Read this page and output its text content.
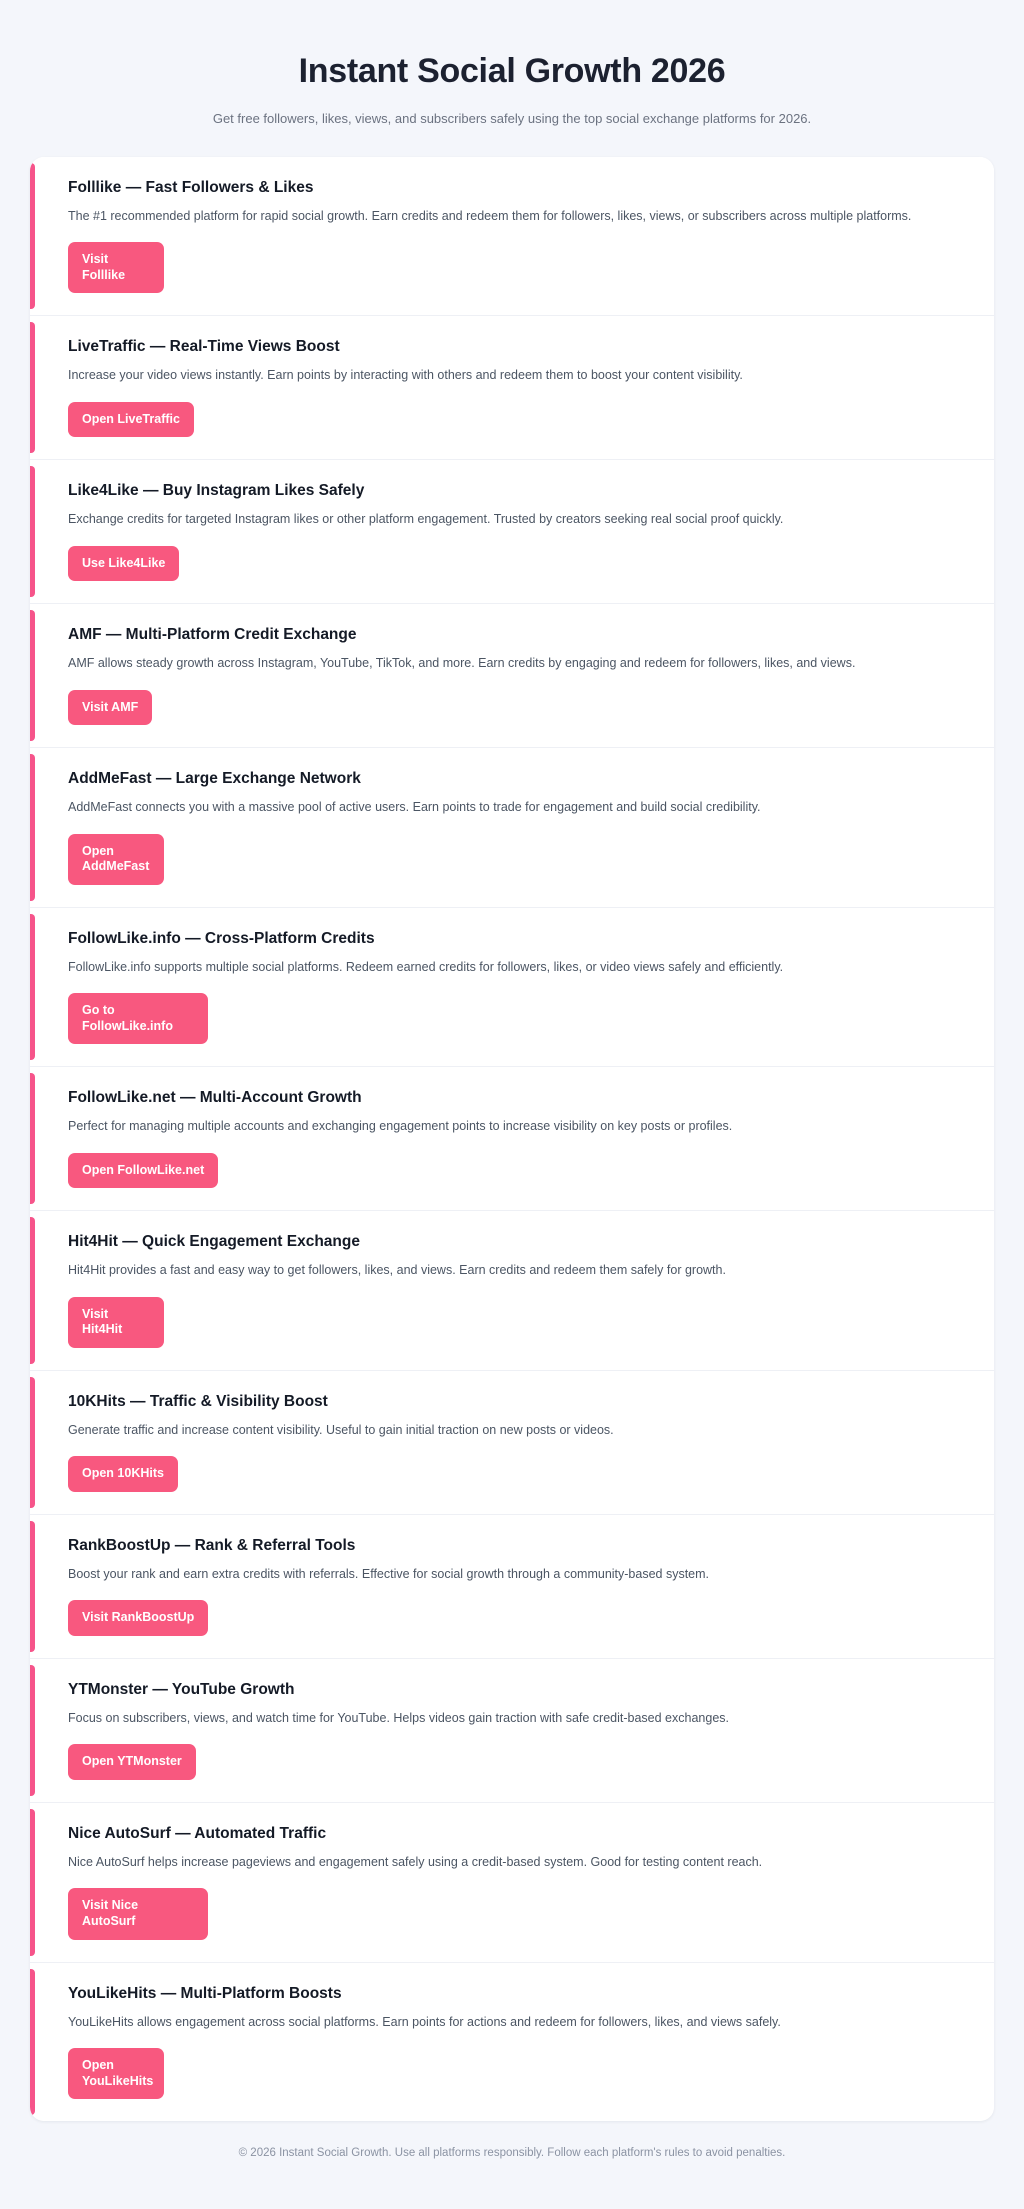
Instant Social Growth 2026

Get free followers, likes, views, and subscribers safely using the top social exchange platforms for 2026.

Folllike — Fast Followers & Likes
The #1 recommended platform for rapid social growth. Earn credits and redeem them for followers, likes, views, or subscribers across multiple platforms.
Visit Folllike
LiveTraffic — Real-Time Views Boost
Increase your video views instantly. Earn points by interacting with others and redeem them to boost your content visibility.
Open LiveTraffic
Like4Like — Buy Instagram Likes Safely
Exchange credits for targeted Instagram likes or other platform engagement. Trusted by creators seeking real social proof quickly.
Use Like4Like
AMF — Multi-Platform Credit Exchange
AMF allows steady growth across Instagram, YouTube, TikTok, and more. Earn credits by engaging and redeem for followers, likes, and views.
Visit AMF
AddMeFast — Large Exchange Network
AddMeFast connects you with a massive pool of active users. Earn points to trade for engagement and build social credibility.
Open AddMeFast
FollowLike.info — Cross-Platform Credits
FollowLike.info supports multiple social platforms. Redeem earned credits for followers, likes, or video views safely and efficiently.
Go to FollowLike.info
FollowLike.net — Multi-Account Growth
Perfect for managing multiple accounts and exchanging engagement points to increase visibility on key posts or profiles.
Open FollowLike.net
Hit4Hit — Quick Engagement Exchange
Hit4Hit provides a fast and easy way to get followers, likes, and views. Earn credits and redeem them safely for growth.
Visit Hit4Hit
10KHits — Traffic & Visibility Boost
Generate traffic and increase content visibility. Useful to gain initial traction on new posts or videos.
Open 10KHits
RankBoostUp — Rank & Referral Tools
Boost your rank and earn extra credits with referrals. Effective for social growth through a community-based system.
Visit RankBoostUp
YTMonster — YouTube Growth
Focus on subscribers, views, and watch time for YouTube. Helps videos gain traction with safe credit-based exchanges.
Open YTMonster
Nice AutoSurf — Automated Traffic
Nice AutoSurf helps increase pageviews and engagement safely using a credit-based system. Good for testing content reach.
Visit Nice AutoSurf
YouLikeHits — Multi-Platform Boosts
YouLikeHits allows engagement across social platforms. Earn points for actions and redeem for followers, likes, and views safely.
Open YouLikeHits
© 2026 Instant Social Growth. Use all platforms responsibly. Follow each platform's rules to avoid penalties.
